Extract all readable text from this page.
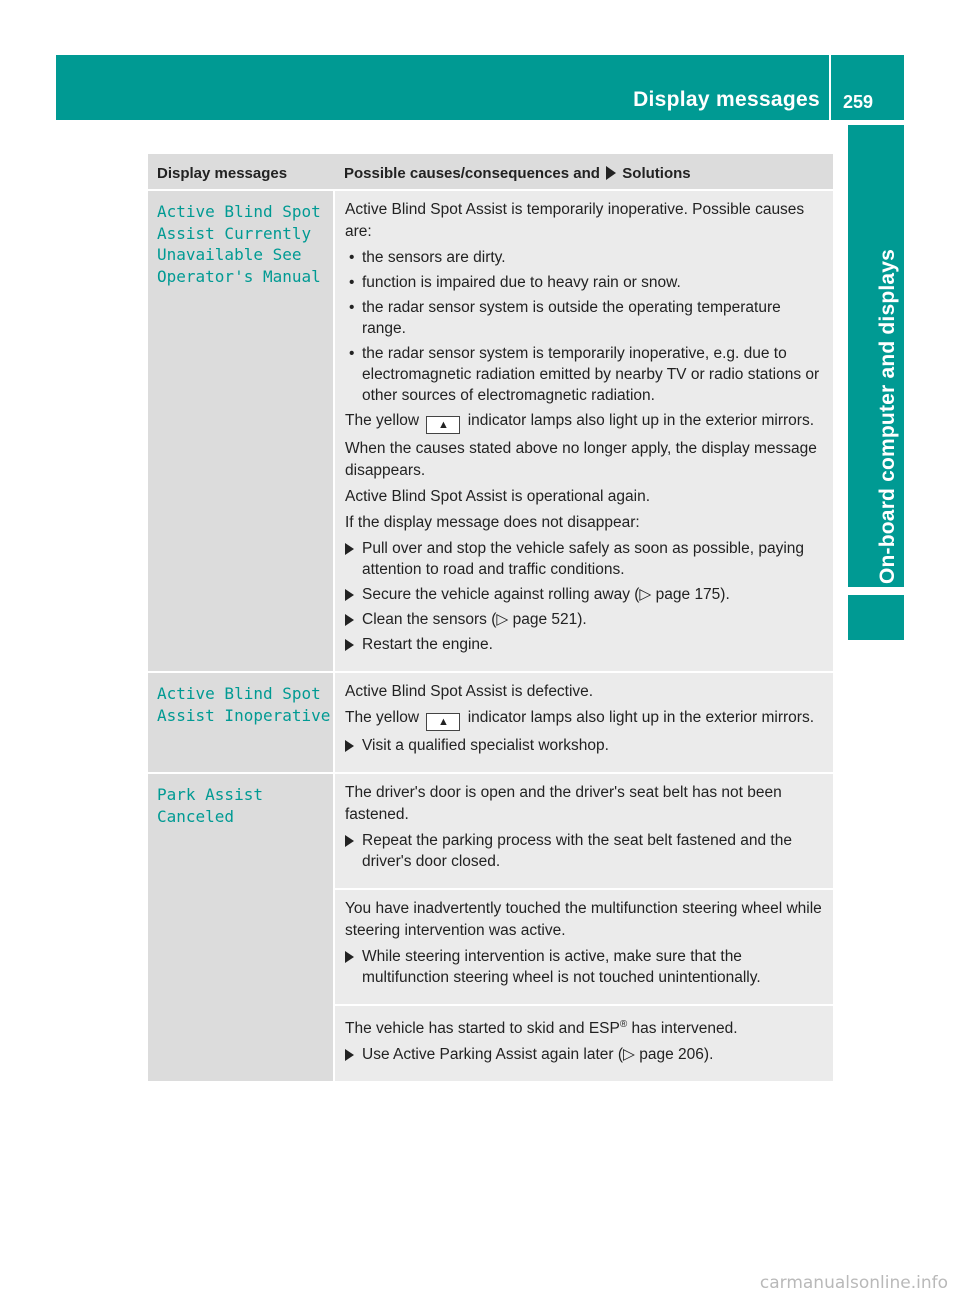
Display messages 259
On-board computer and displays
Display messages	Possible causes/consequences and Solutions
Active Blind Spot
Assist Currently
Unavailable See
Operator's Manual

Active Blind Spot Assist is temporarily inoperative. Possible causes are:

• the sensors are dirty.

• function is impaired due to heavy rain or snow.

• the radar sensor system is outside the operating temperature range.

• the radar sensor system is temporarily inoperative, e.g. due to electromagnetic radiation emitted by nearby TV or radio stations or other sources of electromagnetic radiation.

The yellow ▲ indicator lamps also light up in the exterior mirrors.

When the causes stated above no longer apply, the display message disappears.

Active Blind Spot Assist is operational again.

If the display message does not disappear:

Pull over and stop the vehicle safely as soon as possible, paying attention to road and traffic conditions.
Secure the vehicle against rolling away (▷ page 175).
Clean the sensors (▷ page 521).
Restart the engine.
Active Blind Spot
Assist Inoperative

Active Blind Spot Assist is defective.

The yellow ▲ indicator lamps also light up in the exterior mirrors.

Visit a qualified specialist workshop.
Park Assist
Canceled

The driver's door is open and the driver's seat belt has not been fastened.

Repeat the parking process with the seat belt fastened and the driver's door closed.

You have inadvertently touched the multifunction steering wheel while steering intervention was active.

While steering intervention is active, make sure that the multifunction steering wheel is not touched unintentionally.

The vehicle has started to skid and ESP® has intervened.

Use Active Parking Assist again later (▷ page 206).
carmanualsonline.info
